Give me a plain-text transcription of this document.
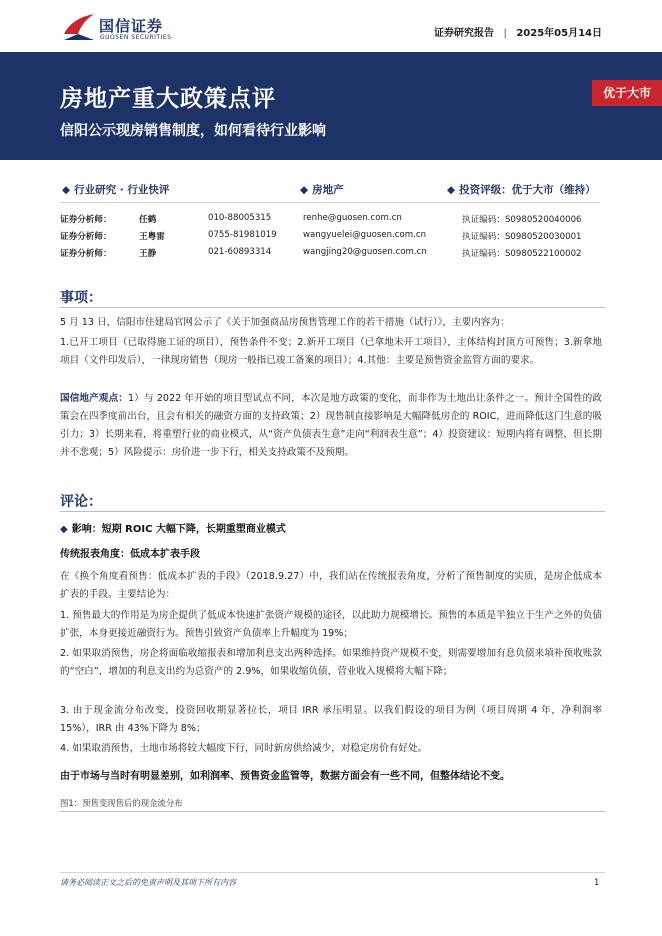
国信证券
GUOSEN SECURITIES	证券研究报告 | 2025年05月14日
房地产重大政策点评
信阳公示现房销售制度，如何看待行业影响
优于大市
◆ 行业研究 · 行业快评	◆ 房地产	◆ 投资评级：优于大市（维持）
证券分析师：	任鹤	010-88005315	renhe@guosen.com.cn	执证编码：S0980520040006
证券分析师：	王粤雷	0755-81981019	wangyuelei@guosen.com.cn	执证编码：S0980520030001
证券分析师：	王静	021-60893314	wangjing20@guosen.com.cn	执证编码：S0980522100002
事项：
5 月 13 日，信阳市住建局官网公示了《关于加强商品房预售管理工作的若干措施（试行）》，主要内容为：
1.已开工项目（已取得施工证的项目），预售条件不变；2.新开工项目（已拿地未开工项目），主体结构封顶方可预售；3.新拿地项目（文件印发后），一律现房销售（现房一般指已竣工备案的项目）；4.其他：主要是预售资金监管方面的要求。
国信地产观点：1）与 2022 年开始的项目型试点不同，本次是地方政策的变化，而非作为土地出让条件之一。预计全国性的政策会在四季度前出台，且会有相关的融资方面的支持政策；2）现售制直接影响是大幅降低房企的 ROIC，进而降低这门生意的吸引力；3）长期来看，将重塑行业的商业模式，从“资产负债表生意”走向“利润表生意”；4）投资建议：短期内将有调整，但长期并不悲观；5）风险提示：房价进一步下行，相关支持政策不及预期。
评论：
◆ 影响：短期 ROIC 大幅下降，长期重塑商业模式
传统报表角度：低成本扩表手段
在《换个角度看预售：低成本扩表的手段》（2018.9.27）中，我们站在传统报表角度，分析了预售制度的实质，是房企低成本扩表的手段。主要结论为：
1. 预售最大的作用是为房企提供了低成本快速扩张资产规模的途径，以此助力规模增长。预售的本质是半独立于生产之外的负债扩张，本身更接近融资行为。预售引致资产负债率上升幅度为 19%；
2. 如果取消预售，房企将面临收缩报表和增加利息支出两种选择。如果维持资产规模不变，则需要增加有息负债来填补预收账款的“空白”，增加的利息支出约为总资产的 2.9%，如果收缩负债，营业收入规模将大幅下降；
3. 由于现金流分布改变，投资回收期显著拉长，项目 IRR 承压明显。以我们假设的项目为例（项目周期 4 年，净利润率 15%），IRR 由 43%下降为 8%；
4. 如果取消预售，土地市场将较大幅度下行，同时新房供给减少，对稳定房价有好处。
由于市场与当时有明显差别，如利润率、预售资金监管等，数据方面会有一些不同，但整体结论不变。
图1：预售变现售后的现金流分布
请务必阅读正文之后的免责声明及其项下所有内容	1
